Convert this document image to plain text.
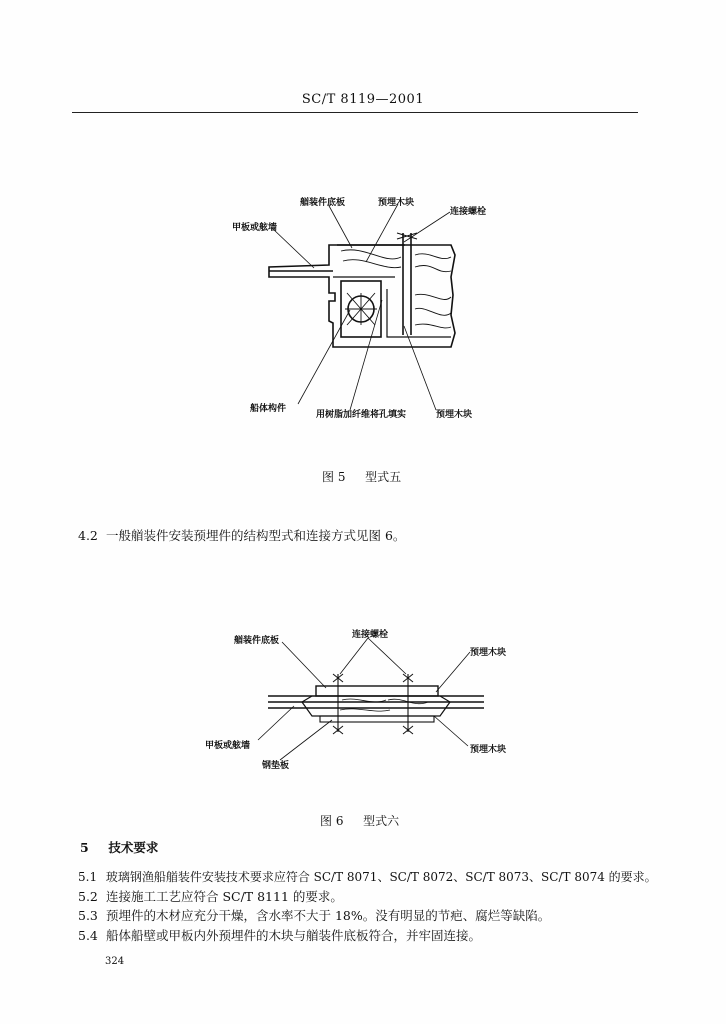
SC/T 8119—2001
艏装件底板	预埋木块
连接螺栓
甲板或舷墙
船体构件
用树脂加纤维将孔填实	预埋木块
图 5 型式五
4.2 一般艏装件安装预埋件的结构型式和连接方式见图 6。
艏装件底板
连接螺栓
预埋木块
甲板或舷墙
钢垫板
预埋木块
图 6 型式六
5 技术要求
5.1 玻璃钢渔船艏装件安装技术要求应符合 SC/T 8071、SC/T 8072、SC/T 8073、SC/T 8074 的要求。
5.2 连接施工工艺应符合 SC/T 8111 的要求。
5.3 预埋件的木材应充分干燥，含水率不大于 18%。没有明显的节疤、腐烂等缺陷。
5.4 船体船壁或甲板内外预埋件的木块与艏装件底板符合，并牢固连接。
324
